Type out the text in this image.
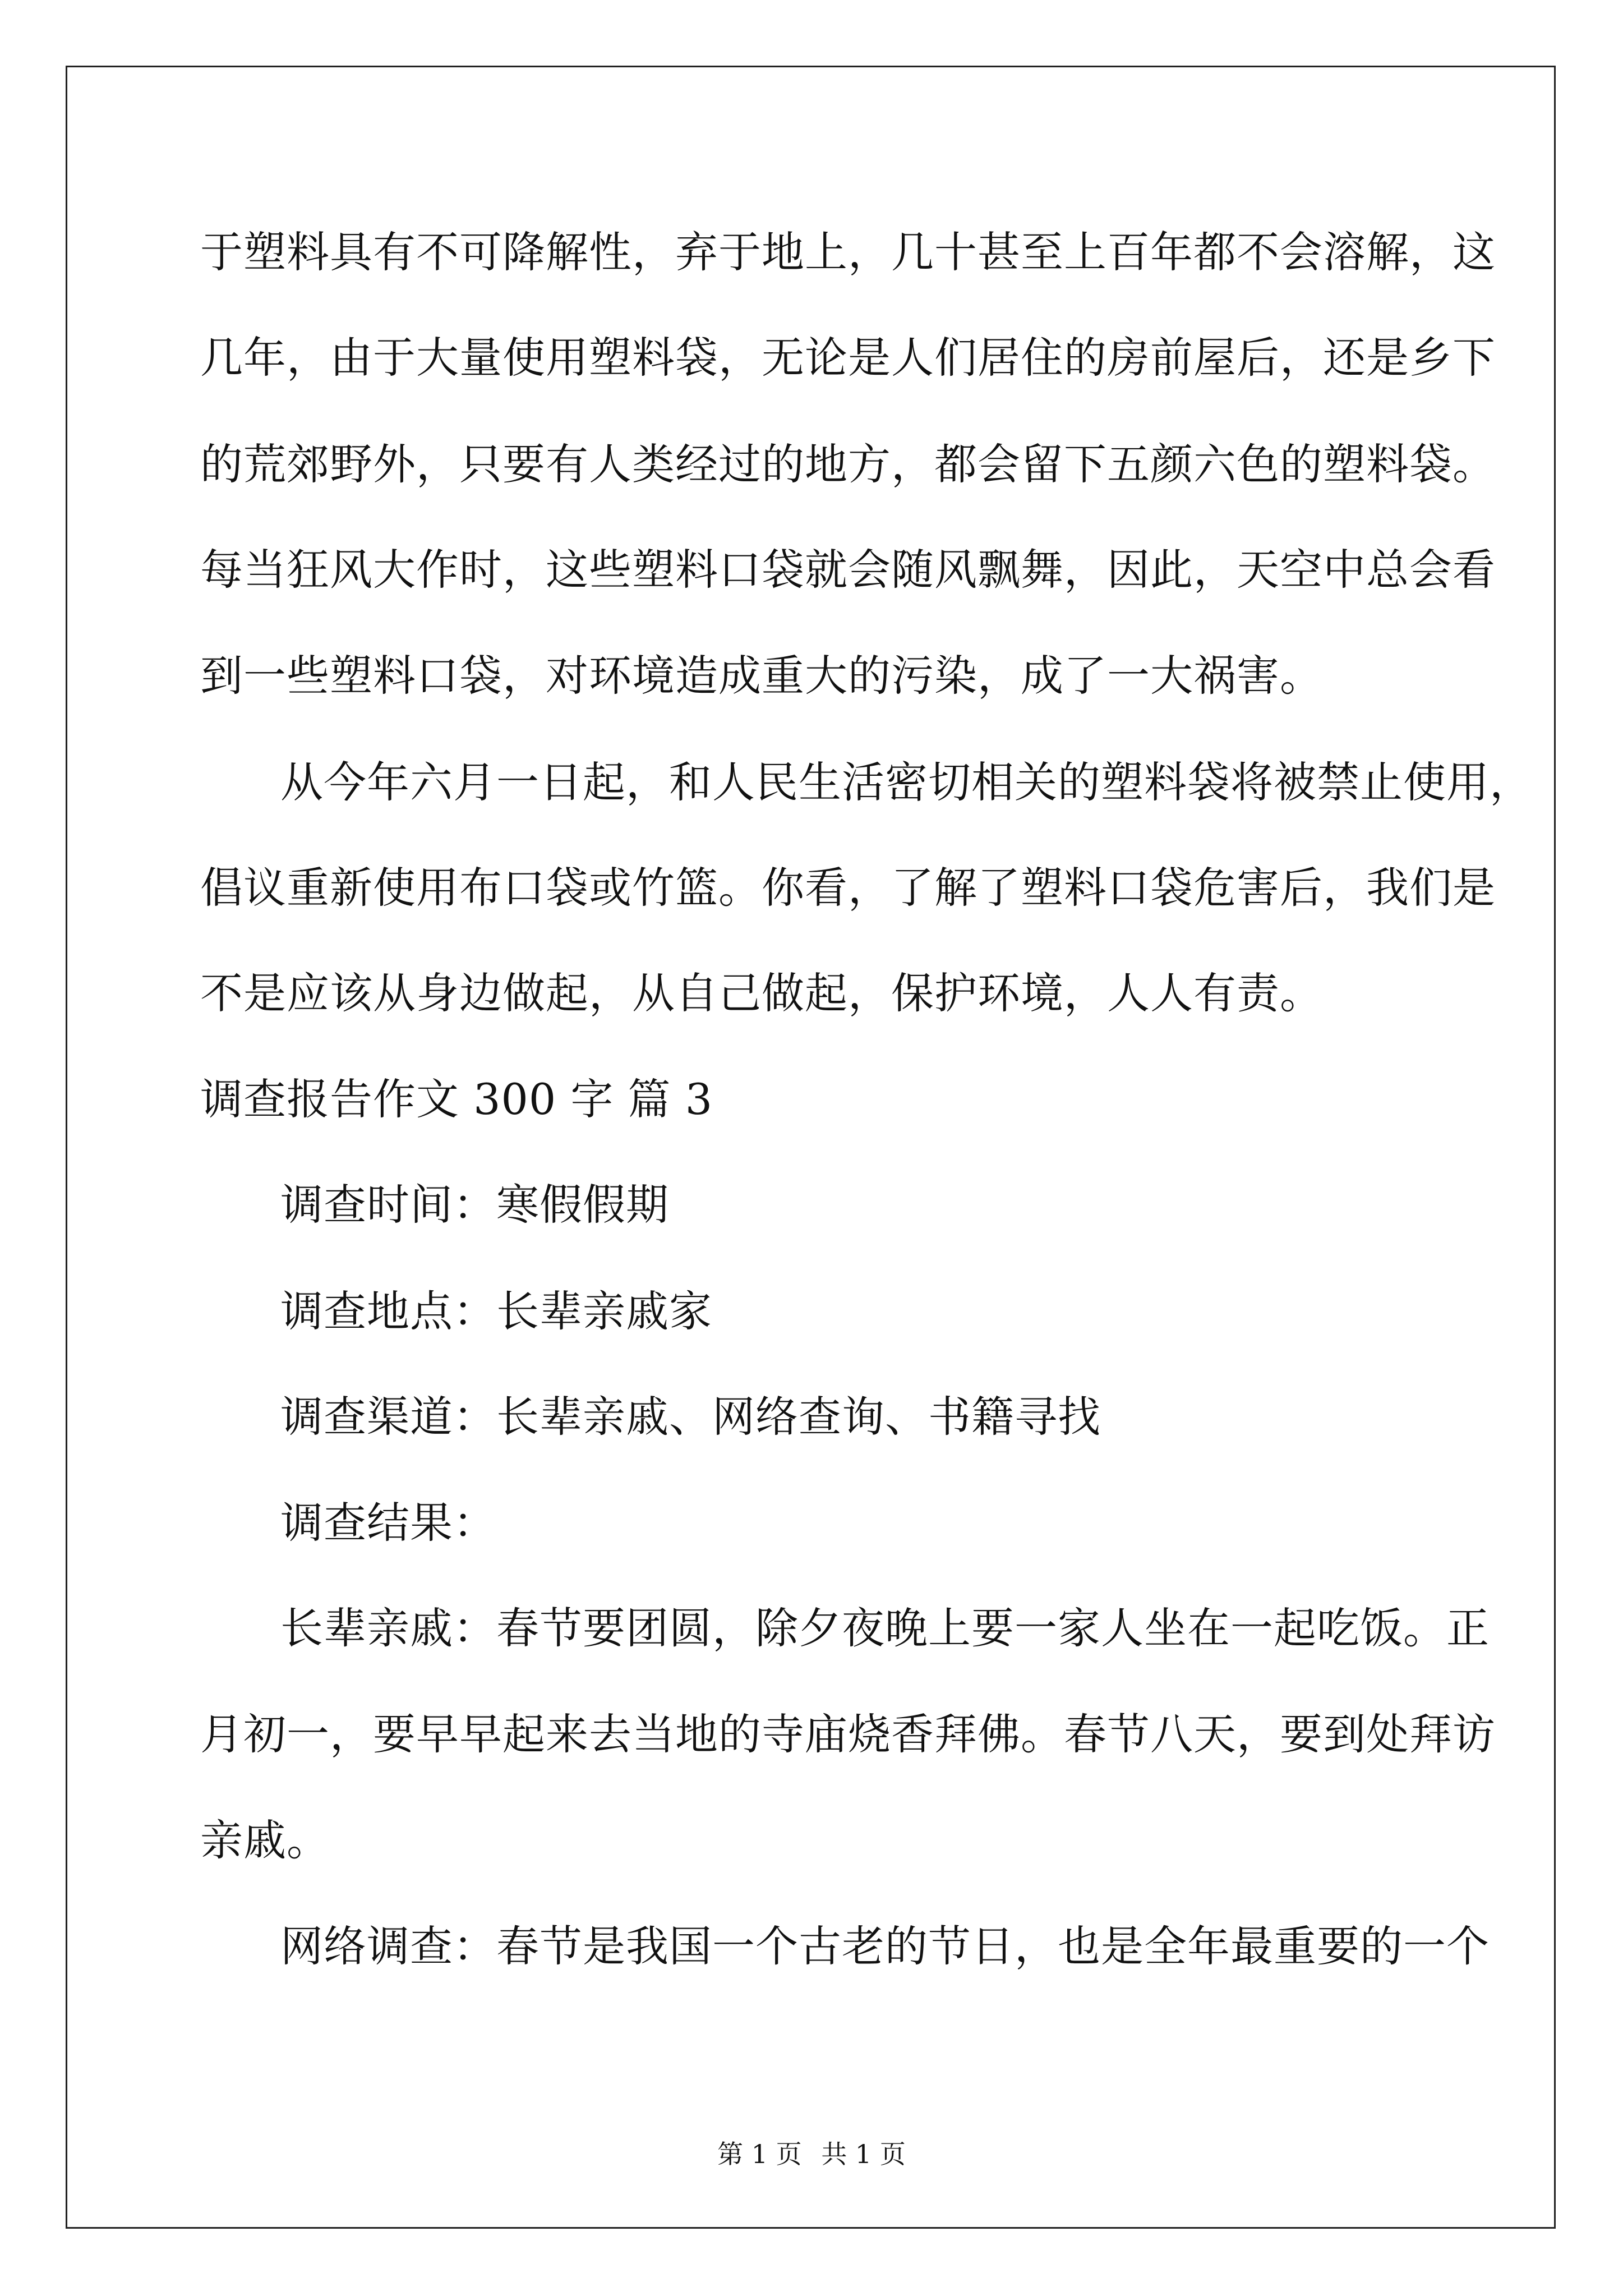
于塑料具有不可降解性，弃于地上，几十甚至上百年都不会溶解，这
几年，由于大量使用塑料袋，无论是人们居住的房前屋后，还是乡下
的荒郊野外，只要有人类经过的地方，都会留下五颜六色的塑料袋。
每当狂风大作时，这些塑料口袋就会随风飘舞，因此，天空中总会看
到一些塑料口袋，对环境造成重大的污染，成了一大祸害。
从今年六月一日起，和人民生活密切相关的塑料袋将被禁止使用，
倡议重新使用布口袋或竹篮。你看，了解了塑料口袋危害后，我们是
不是应该从身边做起，从自己做起，保护环境，人人有责。
调查报告作文 300 字 篇 3
调查时间：寒假假期
调查地点：长辈亲戚家
调查渠道：长辈亲戚、网络查询、书籍寻找
调查结果：
长辈亲戚：春节要团圆，除夕夜晚上要一家人坐在一起吃饭。正
月初一，要早早起来去当地的寺庙烧香拜佛。春节八天，要到处拜访
亲戚。
网络调查：春节是我国一个古老的节日，也是全年最重要的一个
第 1 页 共 1 页
